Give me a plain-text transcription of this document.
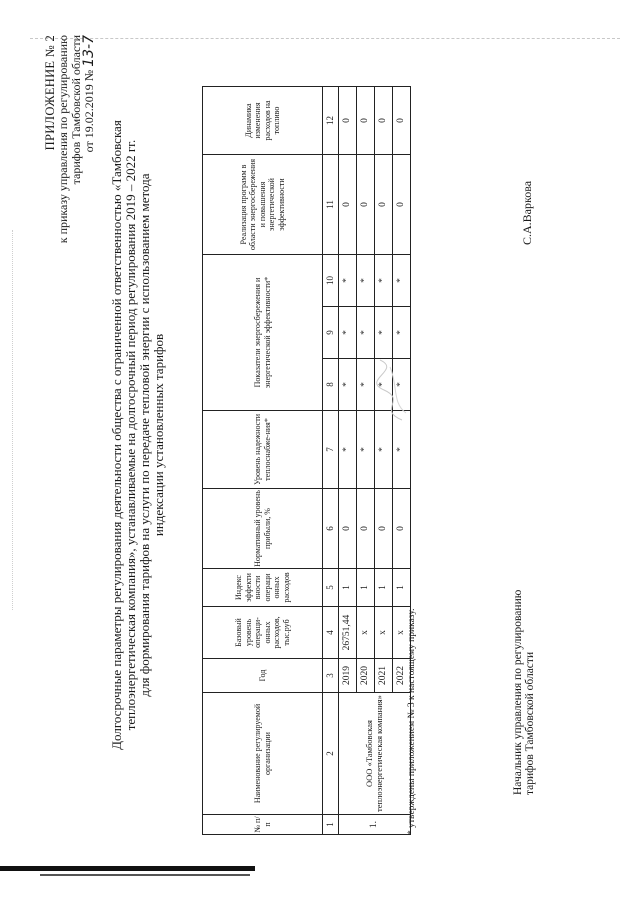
ПРИЛОЖЕНИЕ № 2 к приказу управления по регулированию тарифов Тамбовской области от 19.02.2019 № 13-7
Долгосрочные параметры регулирования деятельности общества с ограниченной ответственностью «Тамбовская теплоэнергетическая компания», устанавливаемые на долгосрочный период регулирования 2019 – 2022 гг. для формирования тарифов на услуги по передаче тепловой энергии с использованием метода индексации установленных тарифов
№ п/п	Наименование регулируемой организации	Год	Базовый уровень операци-онных расходов, тыс.руб	Индекс эффекти вности операци онных расходов	Нормативный уровень прибыли, %	Уровень надежности теплоснабже-ния*	Показатели энергосбережения и энергетической эффективности*			Реализация программ в области энергосбережения и повышения энергетической эффективности	Динамика изменения расходов на топливо
1	2	3	4	5	6	7	8	9	10	11	12
1.	ООО «Тамбовская теплоэнергетическая компания»	2019	26751,44	1	0	*	*	*	*	0	0
		2020	х	1	0	*	*	*	*	0	0
		2021	х	1	0	*	*	*	*	0	0
		2022	х	1	0	*	*	*	*	0	0
* утверждены приложением № 3 к настоящему приказу.	Начальник управления по регулированию тарифов Тамбовской области
С.А.Варкова
